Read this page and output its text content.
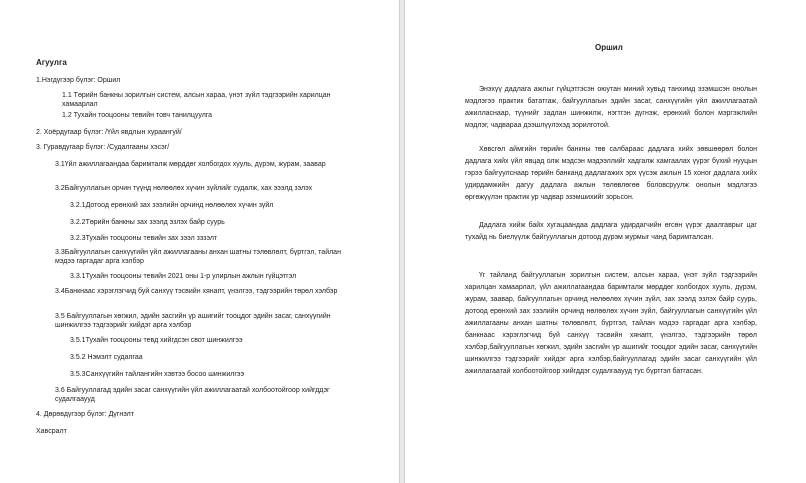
Агуулга
1.Нэгдүгээр бүлэг: Оршил
1.1 Төрийн банкны зорилгын систем, алсын хараа, үнэт зүйл тэдгээрийн харилцан хамаарлал
1.2 Тухайн тооцооны тевийн товч танилцуулга
2. Хоёрдугаар бүлэг: /Үйл явдлын хураангуй/
3. Гуравдугаар бүлэг: /Судалгааны хэсэг/
3.1Үйл ажиллагаандаа баримталж мөрддөг холбогдох хууль, дүрэм, журам, заавар
3.2Байгууллагын орчин түүнд нөлөөлөх хүчин зүйлийг судалж, хах эээлд зэлэх
3.2.1Дотоод ерөнхий зах зээлийн орчинд нөлөөлөх хүчин зүйл
3.2.2Төрийн банкны зах зээлд эзлэх байр суурь
3.2.3Тухайн тооцооны тевийн зах зээл зэзэлт
3.3Байгууллагын санхүүгийн үйл ажиллагааны анхан шатны тэлөвлөлт, бүртгэл, тайлан мэдээ гаргадаг арга хэлбэр
3.3.1Тухайн тооцооны тевийн 2021 оны 1-р улирлын ажлын гүйцэтгэл
3.4Банкнаас хэрэглэгчид буй санхүү тэсвийн хянапт, үнэлгээ, тэдгээрийн төрөл хэлбэр
3.5 Байгууллагын хөгжил, эдийн засгийн үр ашигийг тооцдог эдийн засаг, санхүүгийн шинжилгээ тэдгээрийг хийдэг арга хэлбэр
3.5.1Тухайн тооцооны тевд хийгдсэн свот шинжилгээ
3.5.2 Нэмэлт судалгаа
3.5.3Санхүүгийн тайлангийн хэвтээ босоо шинжилгээ
3.6 Байгууллагад эдийн засаг санхүүгийн үйл ажиллагаатай холбоотойгоор хийгддэг судалгааууд
4. Дөрөвдүгээр бүлэг: Дүгнэлт
Хавсралт
Оршил
Энэхүү дадлага ажлыг гүйцэтгэсэн оюутан миний хувьд танхимд эзэмшсэн онолын мэдлэгээ практик бататгаж, байгууллагын эдийн засаг, санхүүгийн үйл ажиллагаатай ажилласнаар, түүнийг задлан шинжилж, нэгтгэн дүгнэж, ерөнхий болон мэргэжлийн мэдлэг, чадвараа дээшлүүлэхэд зорилготой.
Хөвсгөл аймгийн төрийн банкны төв салбараас дадлага хийх зөвшөөрөл болон дадлага хийх үйл явцад олж мэдсэн мэдээллийг хадгалж хамгаалах үүрэг бүхий нууцын гэрээ байгуулснаар төрийн банканд дадлагажих эрх үүсэж ажлын 15 хоног дадлага хийх удирдамжийн дагуу дадлага ажлын төлөвлөгөө боловсруулж онолын мэдлэгээ өргөжүүлэн практик ур чадвар эзэмшихийг зорьсон.
Дадлага хийж байх хугацаандаа дадлага удирдагчийн өгсөн үүрэг даалгаврыг цаг тухайд нь биелүүлж байгууллагын дотоод дүрэм журмыг чанд баримталсан.
Үг тайланд байгууллагын зорилгын систем, алсын хараа, үнэт зүйл тэдгээрийн харилцан хамаарлал, үйл ажиллагаандаа баримталж мөрддөг холбогдох хууль, дүрэм, журам, заавар, байгууллагын орчинд нөлөөлөх хүчин зүйл, зах зээлд эзлэх байр суурь, дотоод ерөнхий зах зээлийн орчинд нөлөөлөх хүчин зүйл, байгууллагын санхүүгийн үйл ажиллагааны анхан шатны төлөвлөлт, бүртгэл, тайлан мэдээ гаргадаг арга хэлбэр, банкнаас хэрэглэгчид буй санхүү тэсвийн хянапт, үнэлгээ, тэдгээрийн төрөл хэлбэр,байгууллагын хөгжил, эдийн засгийн үр ашигийг тооцдог эдийн засаг, санхүүгийн шинжилгээ тэдгээрийг хийдэг арга хэлбэр,байгууллагад эдийн засаг санхүүгийн үйл ажиллагаатай холбоотойгоор хийгддэг судалгааууд тус бүртгэл батгасан.
